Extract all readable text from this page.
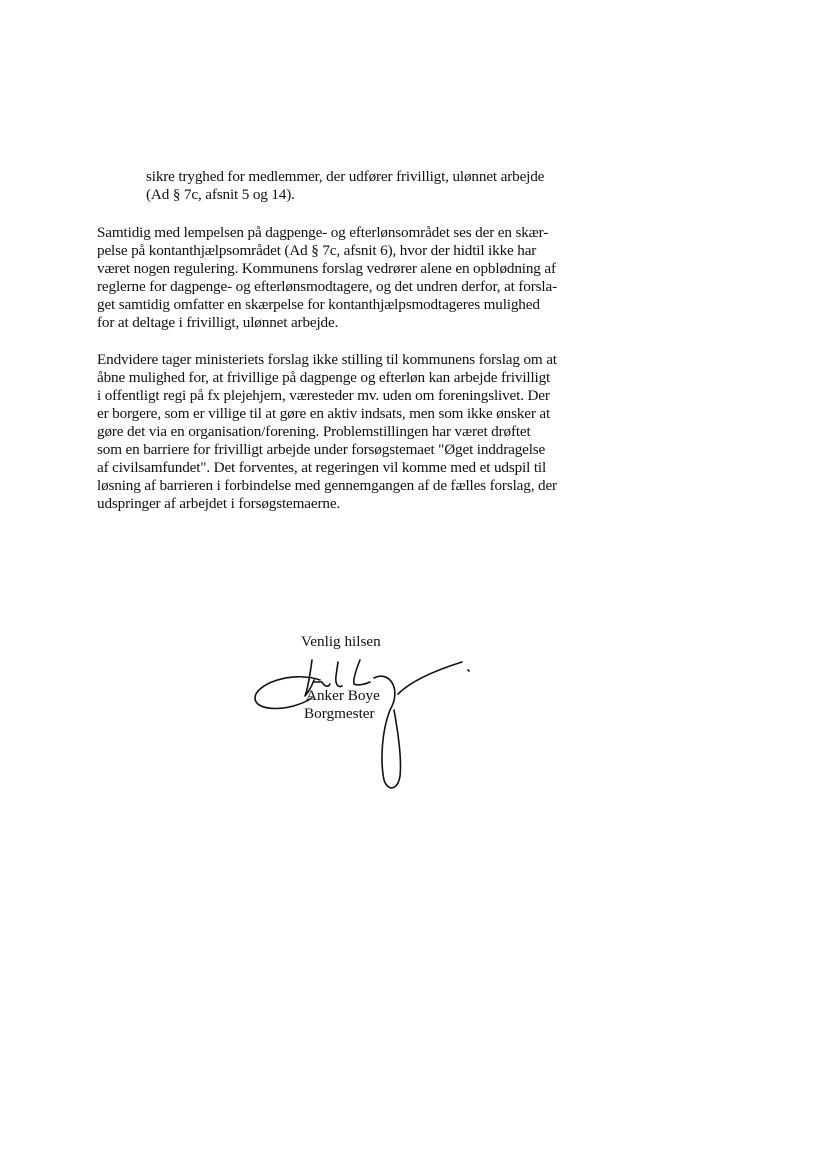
sikre tryghed for medlemmer, der udfører frivilligt, ulønnet arbejde
(Ad § 7c, afsnit 5 og 14).
Samtidig med lempelsen på dagpenge- og efterlønsområdet ses der en skær-
pelse på kontanthjælpsområdet (Ad § 7c, afsnit 6), hvor der hidtil ikke har
været nogen regulering. Kommunens forslag vedrører alene en opblødning af
reglerne for dagpenge- og efterlønsmodtagere, og det undren derfor, at forsla-
get samtidig omfatter en skærpelse for kontanthjælpsmodtageres mulighed
for at deltage i frivilligt, ulønnet arbejde.
Endvidere tager ministeriets forslag ikke stilling til kommunens forslag om at
åbne mulighed for, at frivillige på dagpenge og efterløn kan arbejde frivilligt
i offentligt regi på fx plejehjem, væresteder mv. uden om foreningslivet. Der
er borgere, som er villige til at gøre en aktiv indsats, men som ikke ønsker at
gøre det via en organisation/forening. Problemstillingen har været drøftet
som en barriere for frivilligt arbejde under forsøgstemaet "Øget inddragelse
af civilsamfundet". Det forventes, at regeringen vil komme med et udspil til
løsning af barrieren i forbindelse med gennemgangen af de fælles forslag, der
udspringer af arbejdet i forsøgstemaerne.
Venlig hilsen
Anker Boye
Borgmester
